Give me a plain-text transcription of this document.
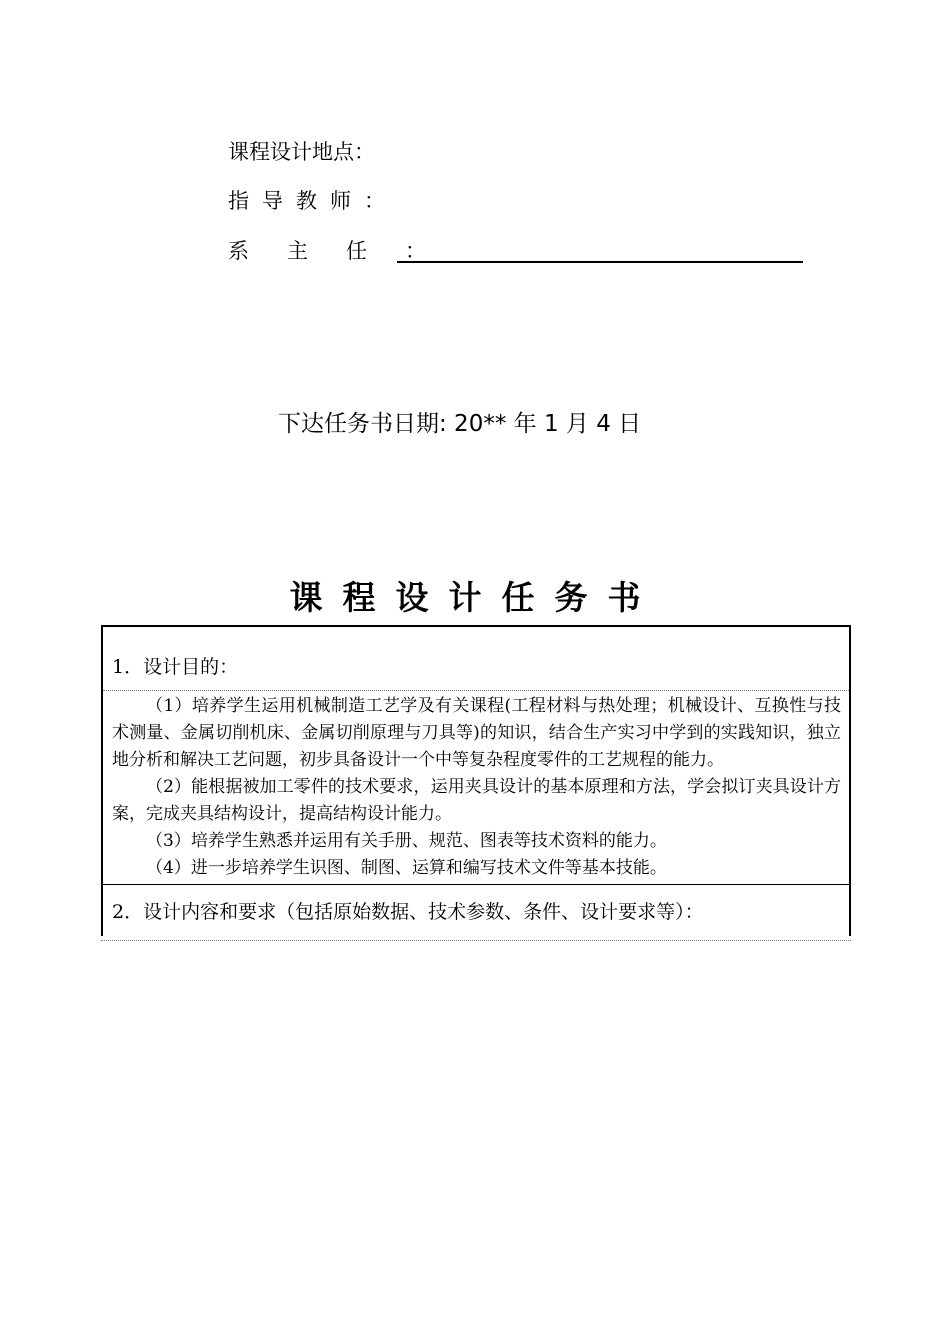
课程设计地点：
指导教师：
系主任：
下达任务书日期: 20** 年 1 月 4 日
课程设计任务书
1．设计目的：

（1）培养学生运用机械制造工艺学及有关课程(工程材料与热处理；机械设计、互换性与技术测量、金属切削机床、金属切削原理与刀具等)的知识，结合生产实习中学到的实践知识，独立地分析和解决工艺问题，初步具备设计一个中等复杂程度零件的工艺规程的能力。

（2）能根据被加工零件的技术要求，运用夹具设计的基本原理和方法，学会拟订夹具设计方案，完成夹具结构设计，提高结构设计能力。

（3）培养学生熟悉并运用有关手册、规范、图表等技术资料的能力。

（4）进一步培养学生识图、制图、运算和编写技术文件等基本技能。

2．设计内容和要求（包括原始数据、技术参数、条件、设计要求等）：
